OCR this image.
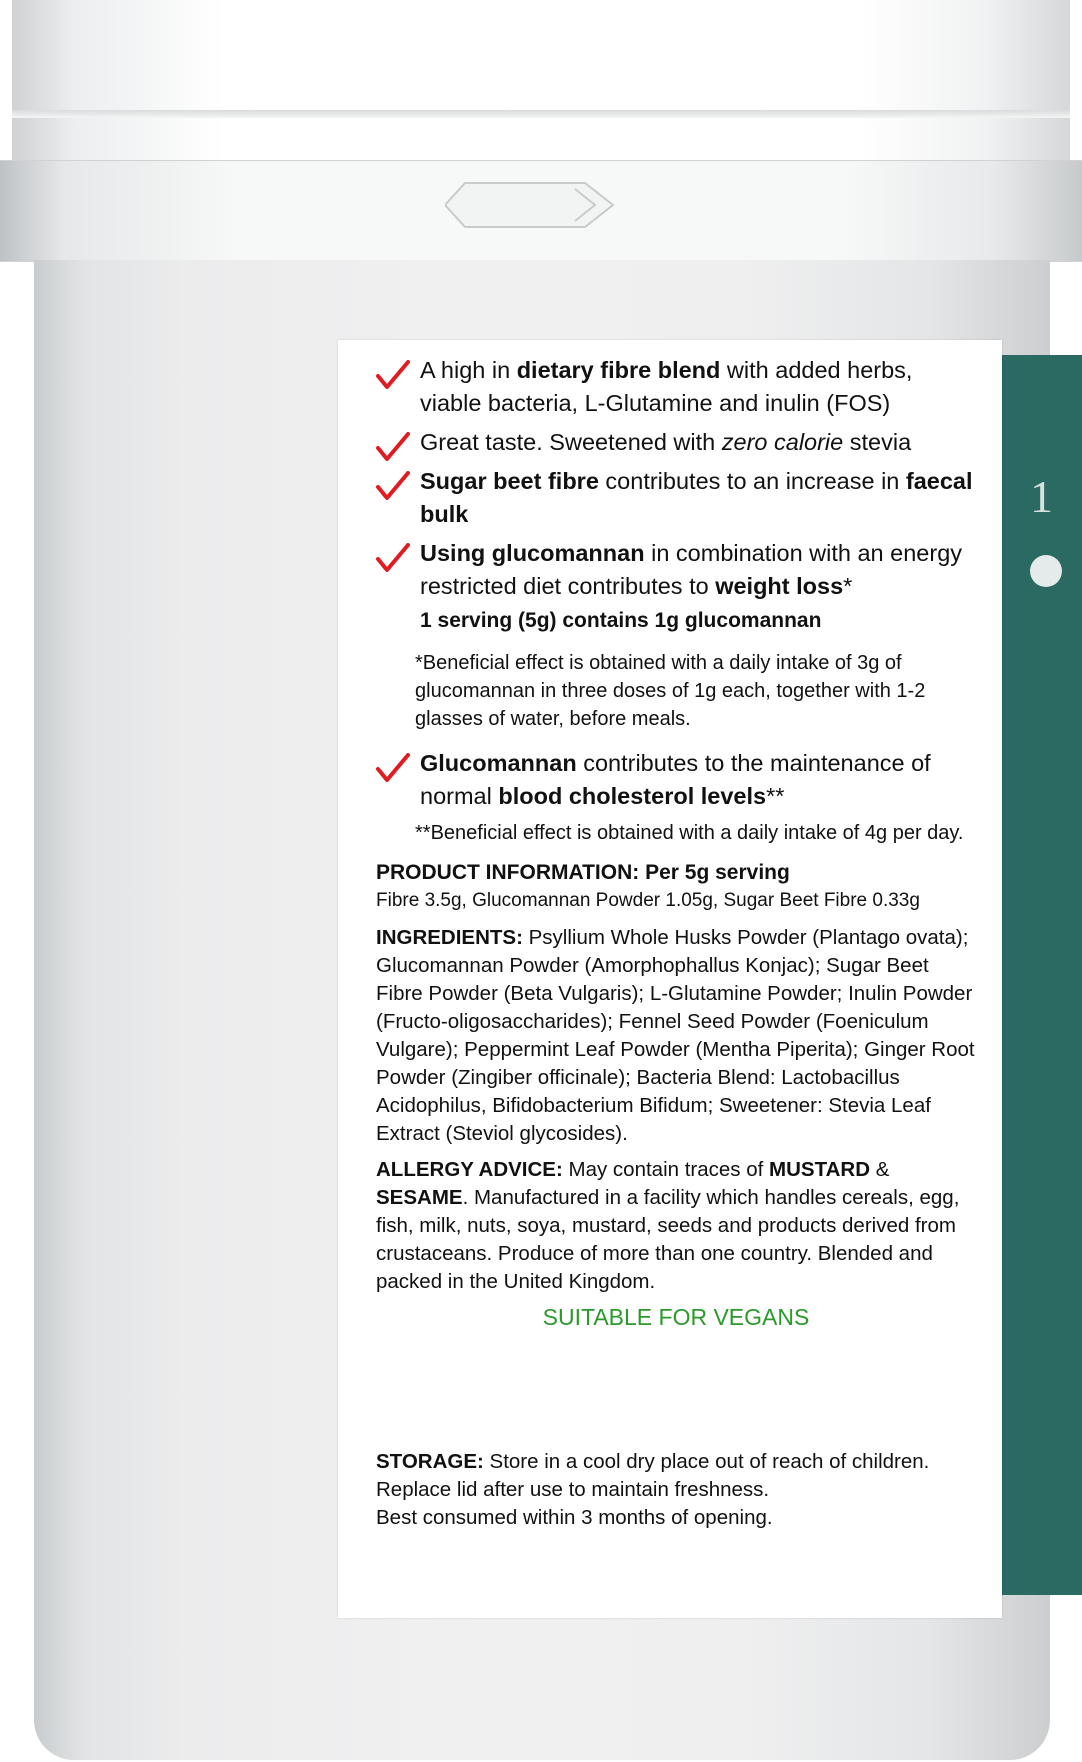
1
A high in dietary fibre blend with added herbs, viable bacteria, L-Glutamine and inulin (FOS)
Great taste. Sweetened with zero calorie stevia
Sugar beet fibre contributes to an increase in faecal bulk
Using glucomannan in combination with an energy restricted diet contributes to weight loss*
1 serving (5g) contains 1g glucomannan
*Beneficial effect is obtained with a daily intake of 3g of glucomannan in three doses of 1g each, together with 1-2 glasses of water, before meals.
Glucomannan contributes to the maintenance of normal blood cholesterol levels**
**Beneficial effect is obtained with a daily intake of 4g per day.
PRODUCT INFORMATION: Per 5g serving
Fibre 3.5g, Glucomannan Powder 1.05g, Sugar Beet Fibre 0.33g
INGREDIENTS: Psyllium Whole Husks Powder (Plantago ovata); Glucomannan Powder (Amorphophallus Konjac); Sugar Beet Fibre Powder (Beta Vulgaris); L-Glutamine Powder; Inulin Powder (Fructo-oligosaccharides); Fennel Seed Powder (Foeniculum Vulgare); Peppermint Leaf Powder (Mentha Piperita); Ginger Root Powder (Zingiber officinale); Bacteria Blend: Lactobacillus Acidophilus, Bifidobacterium Bifidum; Sweetener: Stevia Leaf Extract (Steviol glycosides).
ALLERGY ADVICE: May contain traces of MUSTARD & SESAME. Manufactured in a facility which handles cereals, egg, fish, milk, nuts, soya, mustard, seeds and products derived from crustaceans. Produce of more than one country. Blended and packed in the United Kingdom.
SUITABLE FOR VEGANS
STORAGE: Store in a cool dry place out of reach of children.
Replace lid after use to maintain freshness.
Best consumed within 3 months of opening.
